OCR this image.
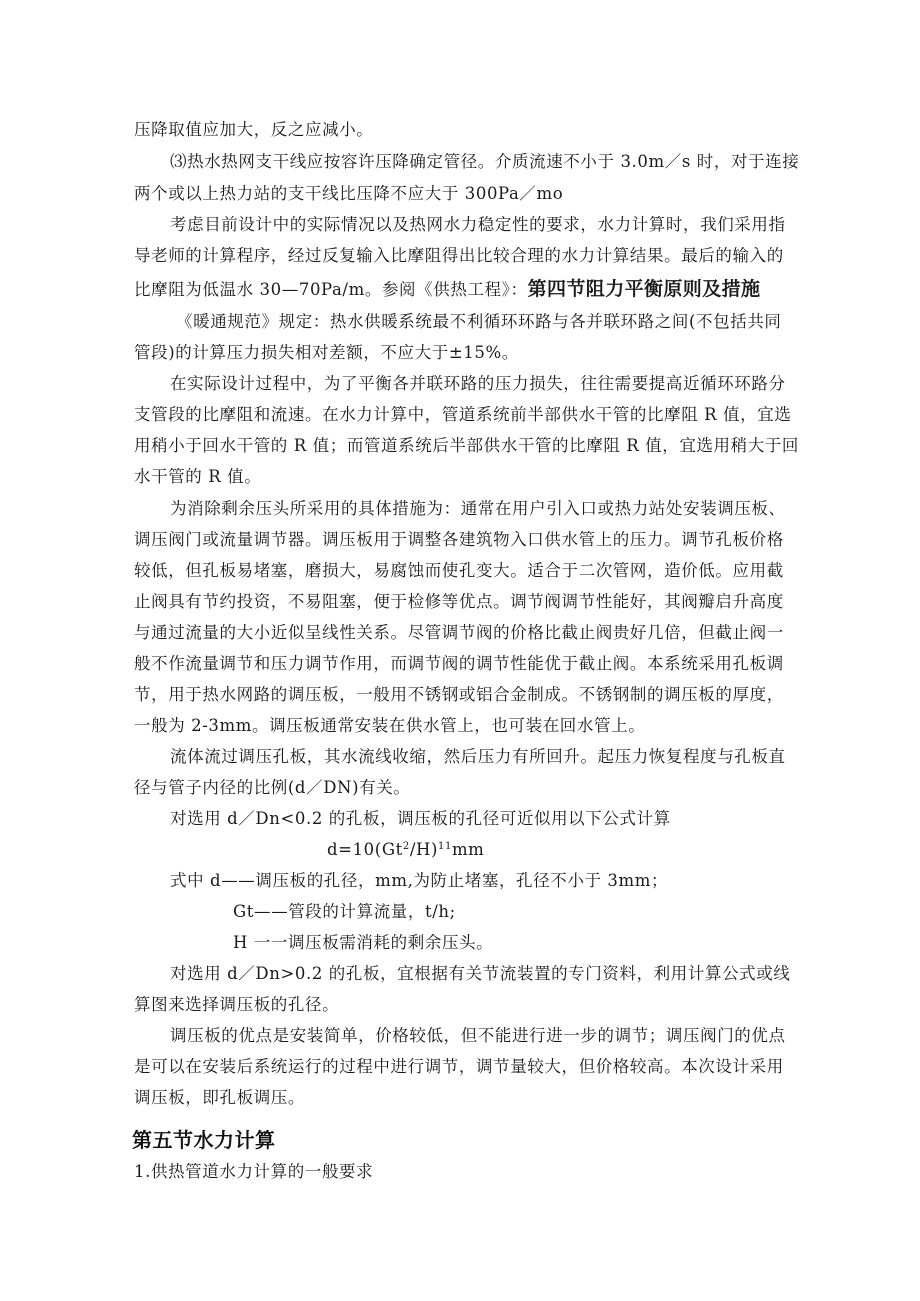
压降取值应加大，反之应减小。
⑶热水热网支干线应按容许压降确定管径。介质流速不小于 3.0m／s 时，对于连接
两个或以上热力站的支干线比压降不应大于 300Pa／mo
考虑目前设计中的实际情况以及热网水力稳定性的要求，水力计算时，我们采用指
导老师的计算程序，经过反复输入比摩阻得出比较合理的水力计算结果。最后的输入的
比摩阻为低温水 30—70Pa/m。参阅《供热工程》：第四节阻力平衡原则及措施
《暖通规范》规定：热水供暖系统最不利循环环路与各并联环路之间(不包括共同
管段)的计算压力损失相对差额，不应大于±15%。
在实际设计过程中，为了平衡各并联环路的压力损失，往往需要提高近循环环路分
支管段的比摩阻和流速。在水力计算中，管道系统前半部供水干管的比摩阻 R 值，宜选
用稍小于回水干管的 R 值；而管道系统后半部供水干管的比摩阻 R 值，宜选用稍大于回
水干管的 R 值。
为消除剩余压头所采用的具体措施为：通常在用户引入口或热力站处安装调压板、
调压阀门或流量调节器。调压板用于调整各建筑物入口供水管上的压力。调节孔板价格
较低，但孔板易堵塞，磨损大，易腐蚀而使孔变大。适合于二次管网，造价低。应用截
止阀具有节约投资，不易阻塞，便于检修等优点。调节阀调节性能好，其阀瓣启升高度
与通过流量的大小近似呈线性关系。尽管调节阀的价格比截止阀贵好几倍，但截止阀一
般不作流量调节和压力调节作用，而调节阀的调节性能优于截止阀。本系统采用孔板调
节，用于热水网路的调压板，一般用不锈钢或铝合金制成。不锈钢制的调压板的厚度，
一般为 2-3mm。调压板通常安装在供水管上，也可装在回水管上。
流体流过调压孔板，其水流线收缩，然后压力有所回升。起压力恢复程度与孔板直
径与管子内径的比例(d／DN)有关。
对选用 d／Dn<0.2 的孔板，调压板的孔径可近似用以下公式计算
$d=10(Gt^2/H)^{11}mm$
式中 d——调压板的孔径，mm,为防止堵塞，孔径不小于 3mm；
Gt——管段的计算流量，t/h;
H 一一调压板需消耗的剩余压头。
对选用 d／Dn>0.2 的孔板，宜根据有关节流装置的专门资料，利用计算公式或线
算图来选择调压板的孔径。
调压板的优点是安装简单，价格较低，但不能进行进一步的调节；调压阀门的优点
是可以在安装后系统运行的过程中进行调节，调节量较大，但价格较高。本次设计采用
调压板，即孔板调压。
第五节水力计算
1.供热管道水力计算的一般要求
